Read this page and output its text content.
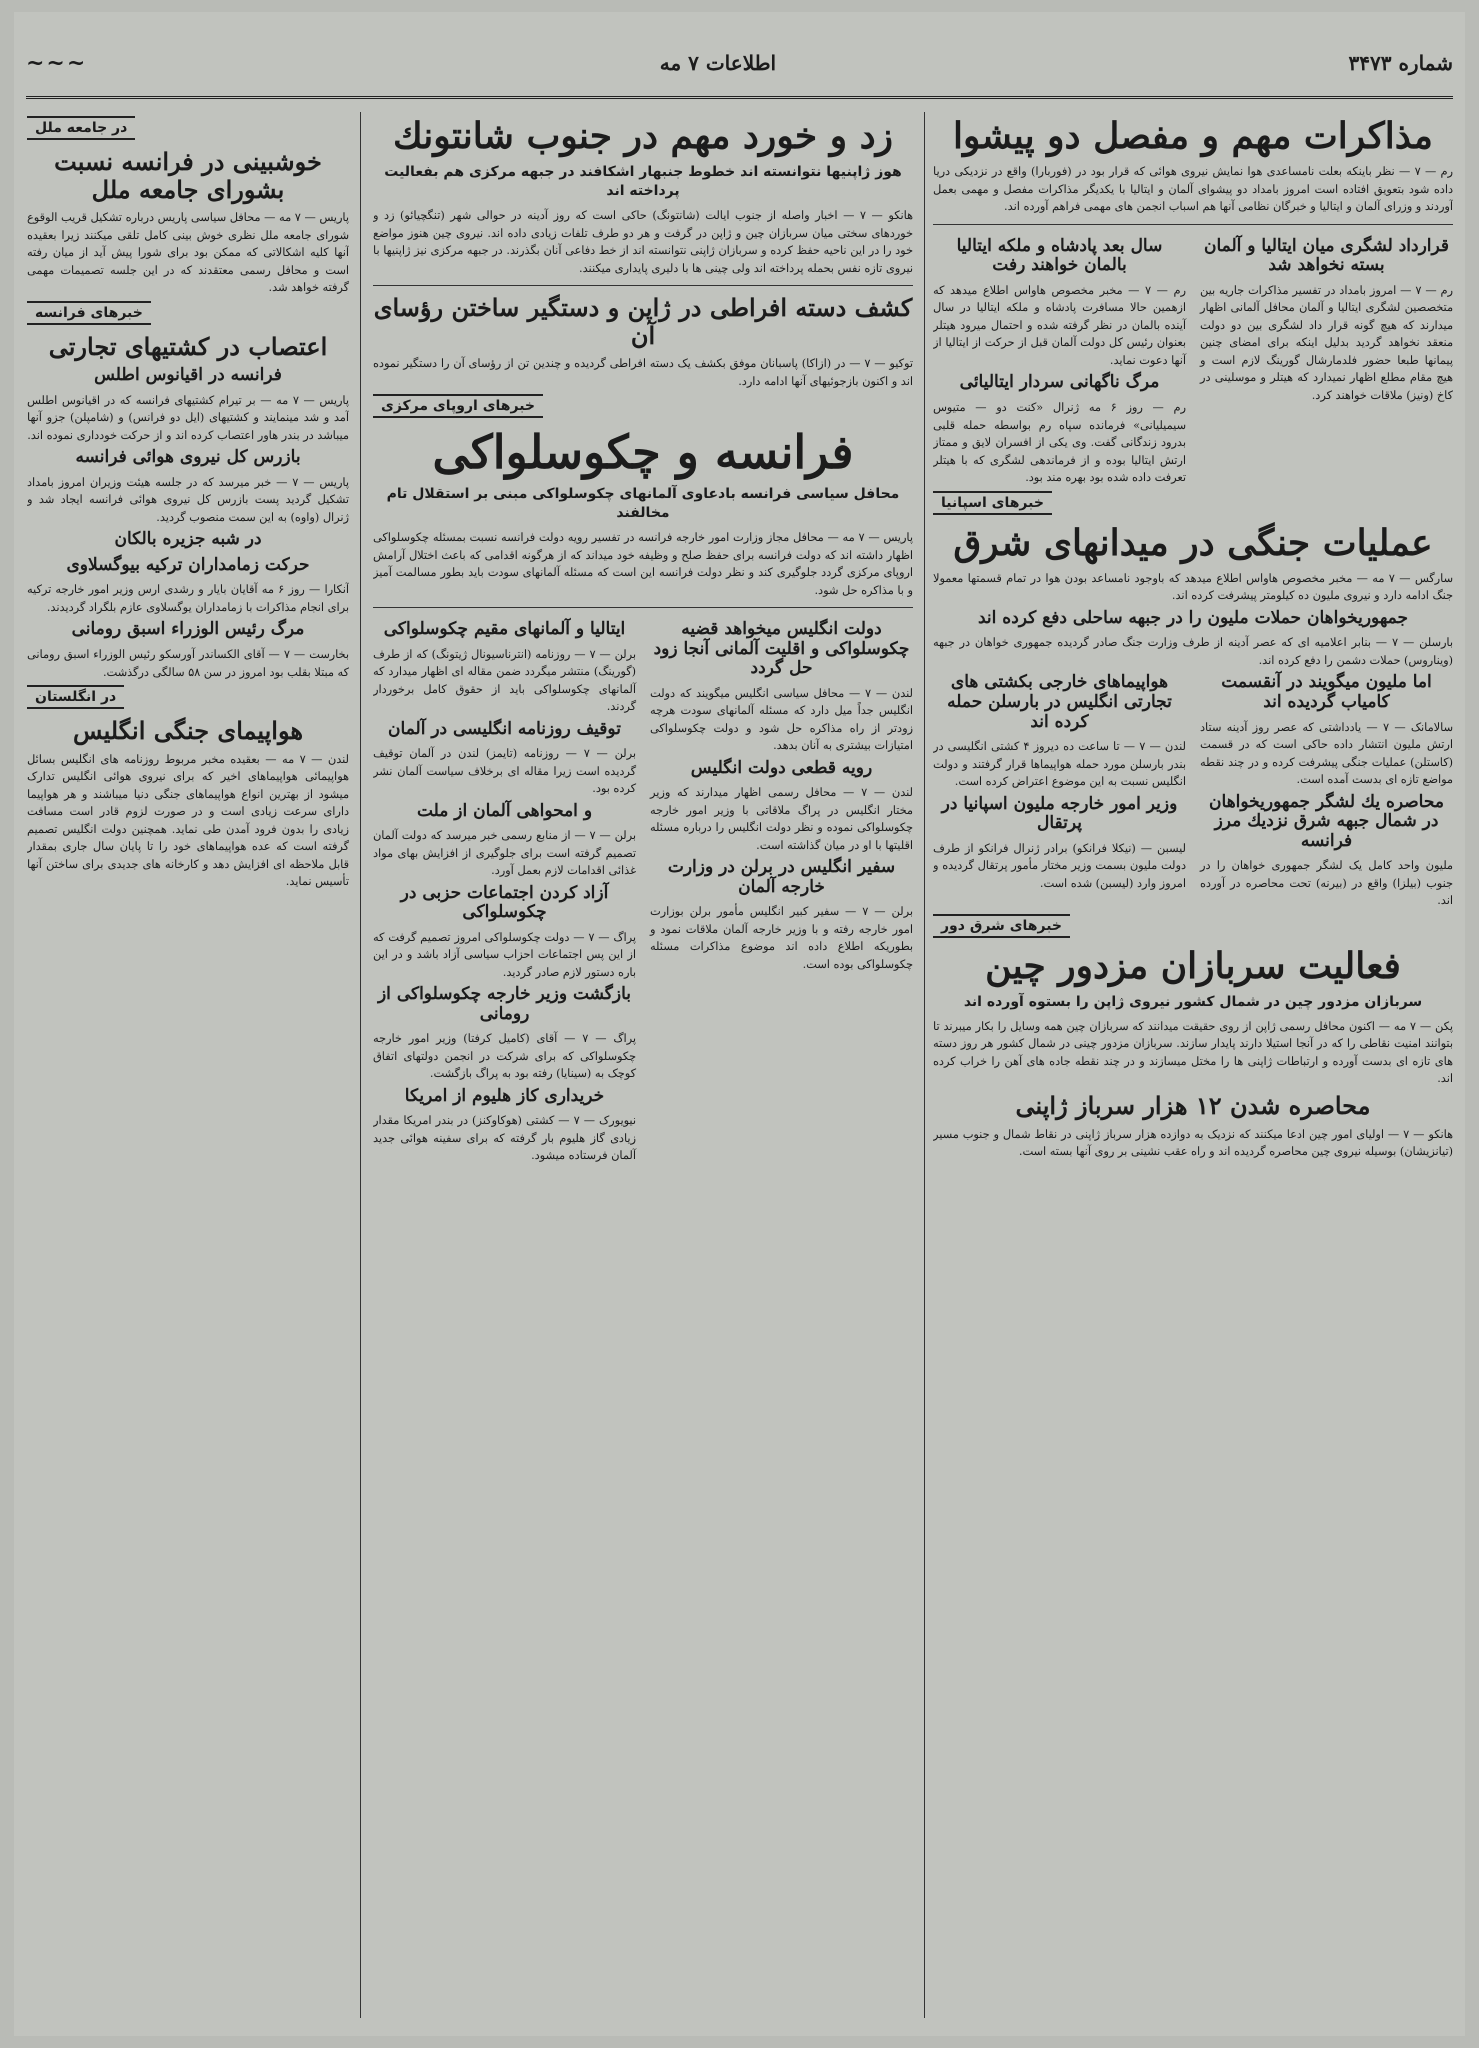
شماره ۳۴۷۳
اطلاعات ۷ مه
~~~
مذاکرات مهم و مفصل دو پیشوا

رم — ۷ — نظر باینکه بعلت نامساعدی هوا نمایش نیروی هوائی که قرار بود در (فوربارا) واقع در نزدیکی دریا داده شود بتعویق افتاده است امروز بامداد دو پیشوای آلمان و ایتالیا با یکدیگر مذاکرات مفصل و مهمی بعمل آوردند و وزرای آلمان و ایتالیا و خبرگان نظامی آنها هم اسباب انجمن های مهمی فراهم آورده اند.

قرارداد لشگری میان ایتالیا و آلمان بسته نخواهد شد

رم — ۷ — امروز بامداد در تفسیر مذاکرات جاریه بین متخصصین لشگری ایتالیا و آلمان محافل آلمانی اظهار میدارند که هیچ گونه قرار داد لشگری بین دو دولت منعقد نخواهد گردید بدلیل اینکه برای امضای چنین پیمانها طبعا حضور فلدمارشال گورینگ لازم است و هیچ مقام مطلع اظهار نمیدارد که هیتلر و موسلینی در کاخ (ونیز) ملاقات خواهند کرد.

سال بعد پادشاه و ملکه ایتالیا بالمان خواهند رفت

رم — ۷ — مخبر مخصوص هاواس اطلاع میدهد که ازهمین حالا مسافرت پادشاه و ملکه ایتالیا در سال آینده بالمان در نظر گرفته شده و احتمال میرود هیتلر بعنوان رئیس کل دولت آلمان قبل از حرکت از ایتالیا از آنها دعوت نماید.

مرگ ناگهانی سردار ایتالیائی

رم — روز ۶ مه ژنرال «کنت دو — متیوس سیمیلیانی» فرمانده سپاه رم بواسطه حمله قلبی بدرود زندگانی گفت. وی یکی از افسران لایق و ممتاز ارتش ایتالیا بوده و از فرماندهی لشگری که با هیتلر تعرفت داده شده بود بهره مند بود.

خبرهای اسپانیا
عملیات جنگی در میدانهای شرق

سارگس — ۷ مه — مخبر مخصوص هاواس اطلاع میدهد که باوجود نامساعد بودن هوا در تمام قسمتها معمولا جنگ ادامه دارد و نیروی ملیون ده کیلومتر پیشرفت کرده اند.

جمهوریخواهان حملات ملیون را در جبهه ساحلی دفع کرده اند

بارسلن — ۷ — بنابر اعلامیه ای که عصر آدینه از طرف وزارت جنگ صادر گردیده جمهوری خواهان در جبهه (ویناروس) حملات دشمن را دفع کرده اند.

اما ملیون میگویند در آنقسمت کامیاب گردیده اند

سالامانک — ۷ — یادداشتی که عصر روز آدینه ستاد ارتش ملیون انتشار داده حاکی است که در قسمت (کاستلن) عملیات جنگی پیشرفت کرده و در چند نقطه مواضع تازه ای بدست آمده است.

محاصره یك لشگر جمهوریخواهان در شمال جبهه شرق نزدیك مرز فرانسه

ملیون واحد کامل یک لشگر جمهوری خواهان را در جنوب (بیلزا) واقع در (بیرنه) تحت محاصره در آورده اند.

هواپیماهای خارجی بکشتی های تجارتی انگلیس در بارسلن حمله کرده اند

لندن — ۷ — تا ساعت ده دیروز ۴ کشتی انگلیسی در بندر بارسلن مورد حمله هواپیماها قرار گرفتند و دولت انگلیس نسبت به این موضوع اعتراض کرده است.

وزیر امور خارجه ملیون اسپانیا در پرتقال

لیسبن — (نیکلا فرانکو) برادر ژنرال فرانکو از طرف دولت ملیون بسمت وزیر مختار مأمور پرتقال گردیده و امروز وارد (لیسبن) شده است.

خبرهای شرق دور
فعالیت سربازان مزدور چین
سربازان مزدور چین در شمال کشور نیروی ژاپن را بستوه آورده اند

پکن — ۷ مه — اکنون محافل رسمی ژاپن از روی حقیقت میدانند که سربازان چین همه وسایل را بکار میبرند تا بتوانند امنیت نقاطی را که در آنجا استیلا دارند پایدار سازند. سربازان مزدور چینی در شمال کشور هر روز دسته های تازه ای بدست آورده و ارتباطات ژاپنی ها را مختل میسازند و در چند نقطه جاده های آهن را خراب کرده اند.

محاصره شدن ۱۲ هزار سرباز ژاپنی

هانکو — ۷ — اولیای امور چین ادعا میکنند که نزدیک به دوازده هزار سرباز ژاپنی در نقاط شمال و جنوب مسیر (تیانزیشان) بوسیله نیروی چین محاصره گردیده اند و راه عقب نشینی بر روی آنها بسته است.

زد و خورد مهم در جنوب شانتونك
هوز ژاپنیها نتوانسته اند خطوط جنبهار اشکافند در جبهه مرکزی هم بفعالیت پرداخته اند

هانکو — ۷ — اخبار واصله از جنوب ایالت (شانتونگ) حاکی است که روز آدینه در حوالی شهر (تنگچیائو) زد و خوردهای سختی میان سربازان چین و ژاپن در گرفت و هر دو طرف تلفات زیادی داده اند. نیروی چین هنوز مواضع خود را در این ناحیه حفظ کرده و سربازان ژاپنی نتوانسته اند از خط دفاعی آنان بگذرند. در جبهه مرکزی نیز ژاپنیها با نیروی تازه نفس بحمله پرداخته اند ولی چینی ها با دلیری پایداری میکنند.

کشف دسته افراطی در ژاپن و دستگیر ساختن رؤسای آن

توکیو — ۷ — در (ازاکا) پاسبانان موفق بکشف یک دسته افراطی گردیده و چندین تن از رؤسای آن را دستگیر نموده اند و اکنون بازجوئیهای آنها ادامه دارد.

خبرهای اروپای مرکزی
فرانسه و چکوسلواکی
محافل سیاسی فرانسه بادعاوی آلمانهای چکوسلواکی مبنی بر استقلال تام مخالفند

پاریس — ۷ مه — محافل مجاز وزارت امور خارجه فرانسه در تفسیر رویه دولت فرانسه نسبت بمسئله چکوسلواکی اظهار داشته اند که دولت فرانسه برای حفظ صلح و وظیفه خود میداند که از هرگونه اقدامی که باعث اختلال آرامش اروپای مرکزی گردد جلوگیری کند و نظر دولت فرانسه این است که مسئله آلمانهای سودت باید بطور مسالمت آمیز و با مذاکره حل شود.

دولت انگلیس میخواهد قضیه چکوسلواکی و اقلیت آلمانی آنجا زود حل گردد

لندن — ۷ — محافل سیاسی انگلیس میگویند که دولت انگلیس جداً میل دارد که مسئله آلمانهای سودت هرچه زودتر از راه مذاکره حل شود و دولت چکوسلواکی امتیازات بیشتری به آنان بدهد.

رویه قطعی دولت انگلیس

لندن — ۷ — محافل رسمی اظهار میدارند که وزیر مختار انگلیس در پراگ ملاقاتی با وزیر امور خارجه چکوسلواکی نموده و نظر دولت انگلیس را درباره مسئله اقلیتها با او در میان گذاشته است.

سفیر انگلیس در برلن در وزارت خارجه آلمان

برلن — ۷ — سفیر کبیر انگلیس مأمور برلن بوزارت امور خارجه رفته و با وزیر خارجه آلمان ملاقات نمود و بطوریکه اطلاع داده اند موضوع مذاکرات مسئله چکوسلواکی بوده است.

ایتالیا و آلمانهای مقیم چکوسلواکی

برلن — ۷ — روزنامه (انترناسیونال ژیتونگ) که از طرف (گورینگ) منتشر میگردد ضمن مقاله ای اظهار میدارد که آلمانهای چکوسلواکی باید از حقوق کامل برخوردار گردند.

توقیف روزنامه انگلیسی در آلمان

برلن — ۷ — روزنامه (تایمز) لندن در آلمان توقیف گردیده است زیرا مقاله ای برخلاف سیاست آلمان نشر کرده بود.

و امحواهی آلمان از ملت

برلن — ۷ — از منابع رسمی خبر میرسد که دولت آلمان تصمیم گرفته است برای جلوگیری از افزایش بهای مواد غذائی اقدامات لازم بعمل آورد.

آزاد کردن اجتماعات حزبی در چکوسلواکی

پراگ — ۷ — دولت چکوسلواکی امروز تصمیم گرفت که از این پس اجتماعات احزاب سیاسی آزاد باشد و در این باره دستور لازم صادر گردید.

بازگشت وزیر خارجه چکوسلواکی از رومانی

پراگ — ۷ — آقای (کامیل کرفتا) وزیر امور خارجه چکوسلواکی که برای شرکت در انجمن دولتهای اتفاق کوچک به (سینایا) رفته بود به پراگ بازگشت.

خریداری کاز هلیوم از امریکا

نیویورک — ۷ — کشتی (هوکاوکنز) در بندر امریکا مقدار زیادی گاز هلیوم بار گرفته که برای سفینه هوائی جدید آلمان فرستاده میشود.

در جامعه ملل
خوشبینی در فرانسه نسبت بشورای جامعه ملل

پاریس — ۷ مه — محافل سیاسی پاریس درباره تشکیل قریب الوقوع شورای جامعه ملل نظری خوش بینی کامل تلقی میکنند زیرا بعقیده آنها کلیه اشکالاتی که ممکن بود برای شورا پیش آید از میان رفته است و محافل رسمی معتقدند که در این جلسه تصمیمات مهمی گرفته خواهد شد.

خبرهای فرانسه
اعتصاب در کشتیهای تجارتی
فرانسه در اقیانوس اطلس

پاریس — ۷ مه — بر تیرام کشتیهای فرانسه که در اقیانوس اطلس آمد و شد مینمایند و کشتیهای (ایل دو فرانس) و (شامپلن) جزو آنها میباشد در بندر هاور اعتصاب کرده اند و از حرکت خودداری نموده اند.

بازرس کل نیروی هوائی فرانسه

پاریس — ۷ — خبر میرسد که در جلسه هیئت وزیران امروز بامداد تشکیل گردید پست بازرس کل نیروی هوائی فرانسه ایجاد شد و ژنرال (واوه) به این سمت منصوب گردید.

در شبه جزیره بالکان
حرکت زمامداران ترکیه بیوگسلاوی

آنکارا — روز ۶ مه آقایان بایار و رشدی ارس وزیر امور خارجه ترکیه برای انجام مذاکرات با زمامداران یوگسلاوی عازم بلگراد گردیدند.

مرگ رئیس الوزراء اسبق رومانی

بخارست — ۷ — آقای الکساندر آورسکو رئیس الوزراء اسبق رومانی که مبتلا بقلب بود امروز در سن ۵۸ سالگی درگذشت.

در انگلستان
هواپیمای جنگی انگلیس

لندن — ۷ مه — بعقیده مخبر مربوط روزنامه های انگلیس بسائل هواپیمائی هواپیماهای اخیر که برای نیروی هوائی انگلیس تدارک میشود از بهترین انواع هواپیماهای جنگی دنیا میباشند و هر هواپیما دارای سرعت زیادی است و در صورت لزوم قادر است مسافت زیادی را بدون فرود آمدن طی نماید. همچنین دولت انگلیس تصمیم گرفته است که عده هواپیماهای خود را تا پایان سال جاری بمقدار قابل ملاحظه ای افزایش دهد و کارخانه های جدیدی برای ساختن آنها تأسیس نماید.
